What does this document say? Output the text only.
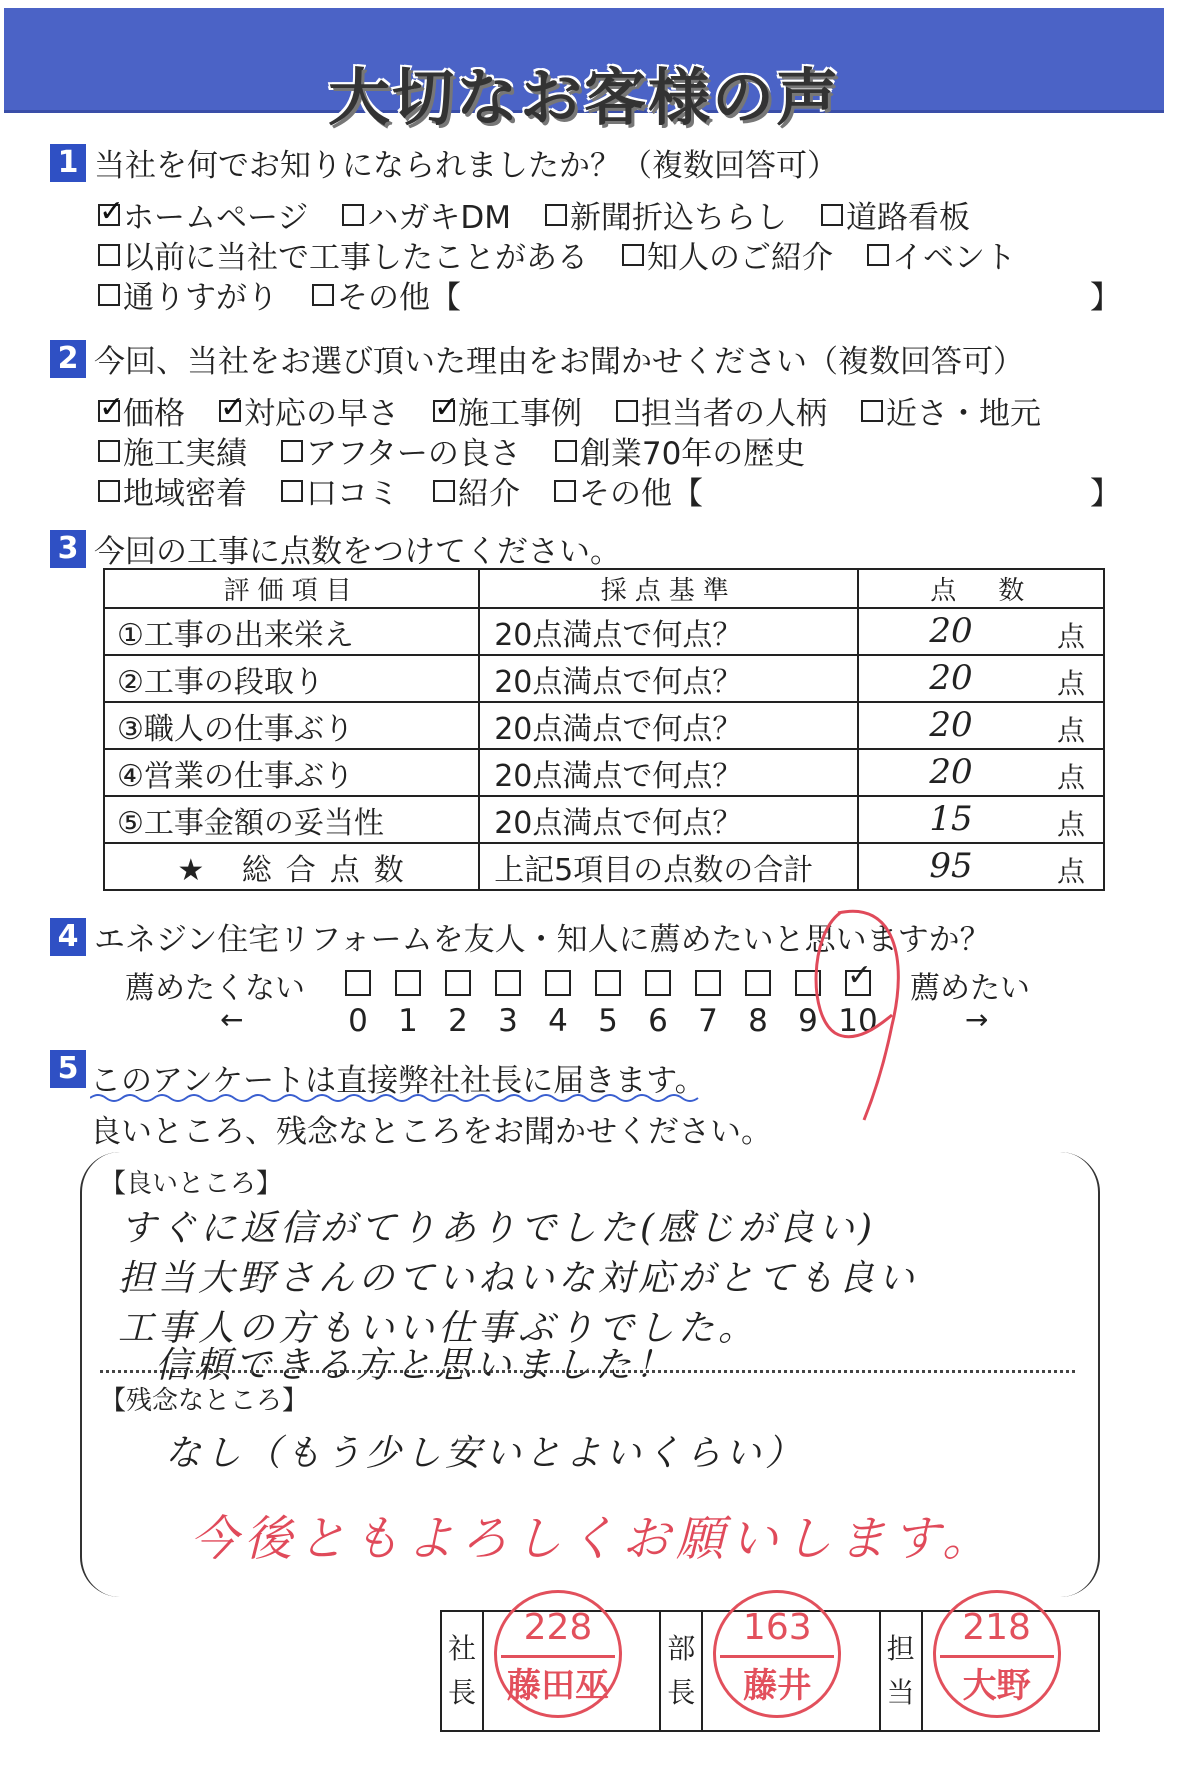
大切なお客様の声
1 当社を何でお知りになられましたか？（複数回答可）
✓
ホームページ ハガキDM 新聞折込ちらし 道路看板
以前に当社で工事したことがある 知人のご紹介 イベント
通りすがり その他【	】
2 今回、当社をお選び頂いた理由をお聞かせください（複数回答可）
✓
価格 ✓ 対応の早さ ✓ 施工事例 担当者の人柄 近さ・地元
施工実績 アフターの良さ 創業70年の歴史
地域密着 口コミ 紹介 その他【	】
3 今回の工事に点数をつけてください。
評価項目	採点基準	点　数
①工事の出来栄え	20点満点で何点？	20 点

②工事の段取り	20点満点で何点？	20 点

③職人の仕事ぶり	20点満点で何点？	20 点

④営業の仕事ぶり	20点満点で何点？	20 点

⑤工事金額の妥当性	20点満点で何点？	15 点

★ 総合点数	上記5項目の点数の合計	95 点
4 エネジン住宅リフォームを友人・知人に薦めたいと思いますか？
薦めたくない	薦めたい
0 1 2 3 4 5 6 7 8 9
✓
10
←	→
5 このアンケートは直接弊社社長に届きます。
良いところ、残念なところをお聞かせください。
【良いところ】
すぐに返信がてりありでした(感じが良い)
担当大野さんのていねいな対応がとても良い
工事人の方もいい仕事ぶりでした。
信頼できる方と思いました！
【残念なところ】
なし（もう少し安いとよいくらい）
今後ともよろしくお願いします。
社
長	
228
藤田巫
	部
長	
163
藤井
	担
当	
218
大野
